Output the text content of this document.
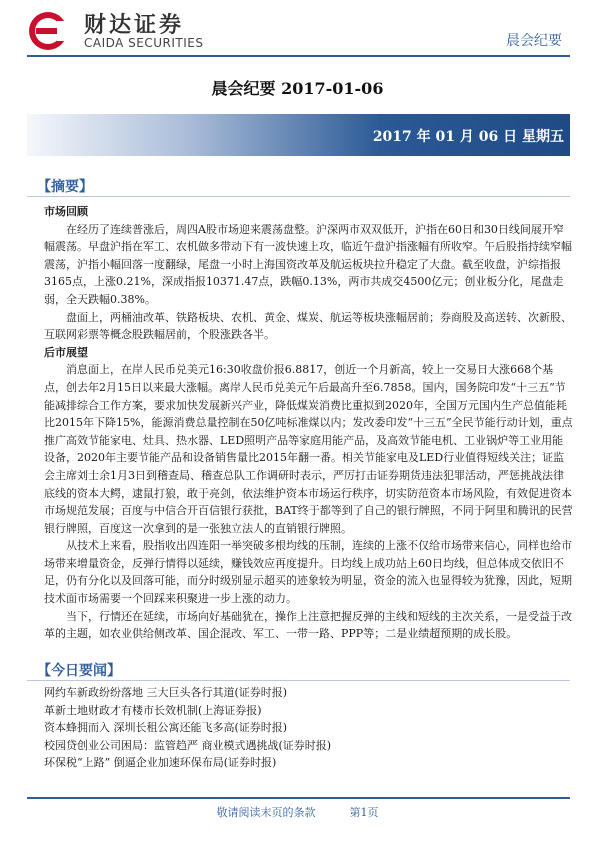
财达证券
CAIDA SECURITIES	晨会纪要
晨会纪要 2017-01-06
2017 年 01 月 06 日 星期五
【摘要】

市场回顾

在经历了连续普涨后，周四A股市场迎来震荡盘整。沪深两市双双低开，沪指在60日和30日线间展开窄幅震荡。早盘沪指在军工、农机做多带动下有一波快速上攻，临近午盘沪指涨幅有所收窄。午后股指持续窄幅震荡，沪指小幅回落一度翻绿，尾盘一小时上海国资改革及航运板块拉升稳定了大盘。截至收盘，沪综指报3165点，上涨0.21%，深成指报10371.47点，跌幅0.13%，两市共成交4500亿元；创业板分化，尾盘走弱，全天跌幅0.38%。

盘面上，两桶油改革、铁路板块、农机、黄金、煤炭、航运等板块涨幅居前；券商股及高送转、次新股、互联网彩票等概念股跌幅居前，个股涨跌各半。

后市展望

消息面上，在岸人民币兑美元16:30收盘价报6.8817，创近一个月新高，较上一交易日大涨668个基点，创去年2月15日以来最大涨幅。离岸人民币兑美元午后最高升至6.7858。国内，国务院印发“十三五”节能减排综合工作方案，要求加快发展新兴产业，降低煤炭消费比重拟到2020年，全国万元国内生产总值能耗比2015年下降15%，能源消费总量控制在50亿吨标准煤以内；发改委印发“十三五”全民节能行动计划，重点推广高效节能家电、灶具、热水器、LED照明产品等家庭用能产品，及高效节能电机、工业锅炉等工业用能设备，2020年主要节能产品和设备销售量比2015年翻一番。相关节能家电及LED行业值得短线关注；证监会主席刘士余1月3日到稽查局、稽查总队工作调研时表示，严厉打击证券期货违法犯罪活动，严惩挑战法律底线的资本大鳄，逮鼠打狼，敢于亮剑，依法维护资本市场运行秩序，切实防范资本市场风险，有效促进资本市场规范发展；百度与中信合开百信银行获批，BAT终于都等到了自己的银行牌照，不同于阿里和腾讯的民营银行牌照，百度这一次拿到的是一张独立法人的直销银行牌照。

从技术上来看，股指收出四连阳一举突破多根均线的压制，连续的上涨不仅给市场带来信心，同样也给市场带来增量资金，反弹行情得以延续，赚钱效应再度提升。日均线上成功站上60日均线，但总体成交依旧不足，仍有分化以及回落可能，而分时级别显示超买的迹象较为明显，资金的流入也显得较为犹豫，因此，短期技术面市场需要一个回踩来积聚进一步上涨的动力。

当下，行情还在延续，市场向好基础犹在，操作上注意把握反弹的主线和短线的主次关系，一是受益于改革的主题，如农业供给侧改革、国企混改、军工、一带一路、PPP等；二是业绩超预期的成长股。

【今日要闻】

网约车新政纷纷落地 三大巨头各行其道(证券时报)

革新土地财政才有楼市长效机制(上海证券报)

资本蜂拥而入 深圳长租公寓还能飞多高(证券时报)

校园贷创业公司困局：监管趋严 商业模式遇挑战(证券时报)

环保税“上路” 倒逼企业加速环保布局(证券时报)

敬请阅读末页的条款	第1页
